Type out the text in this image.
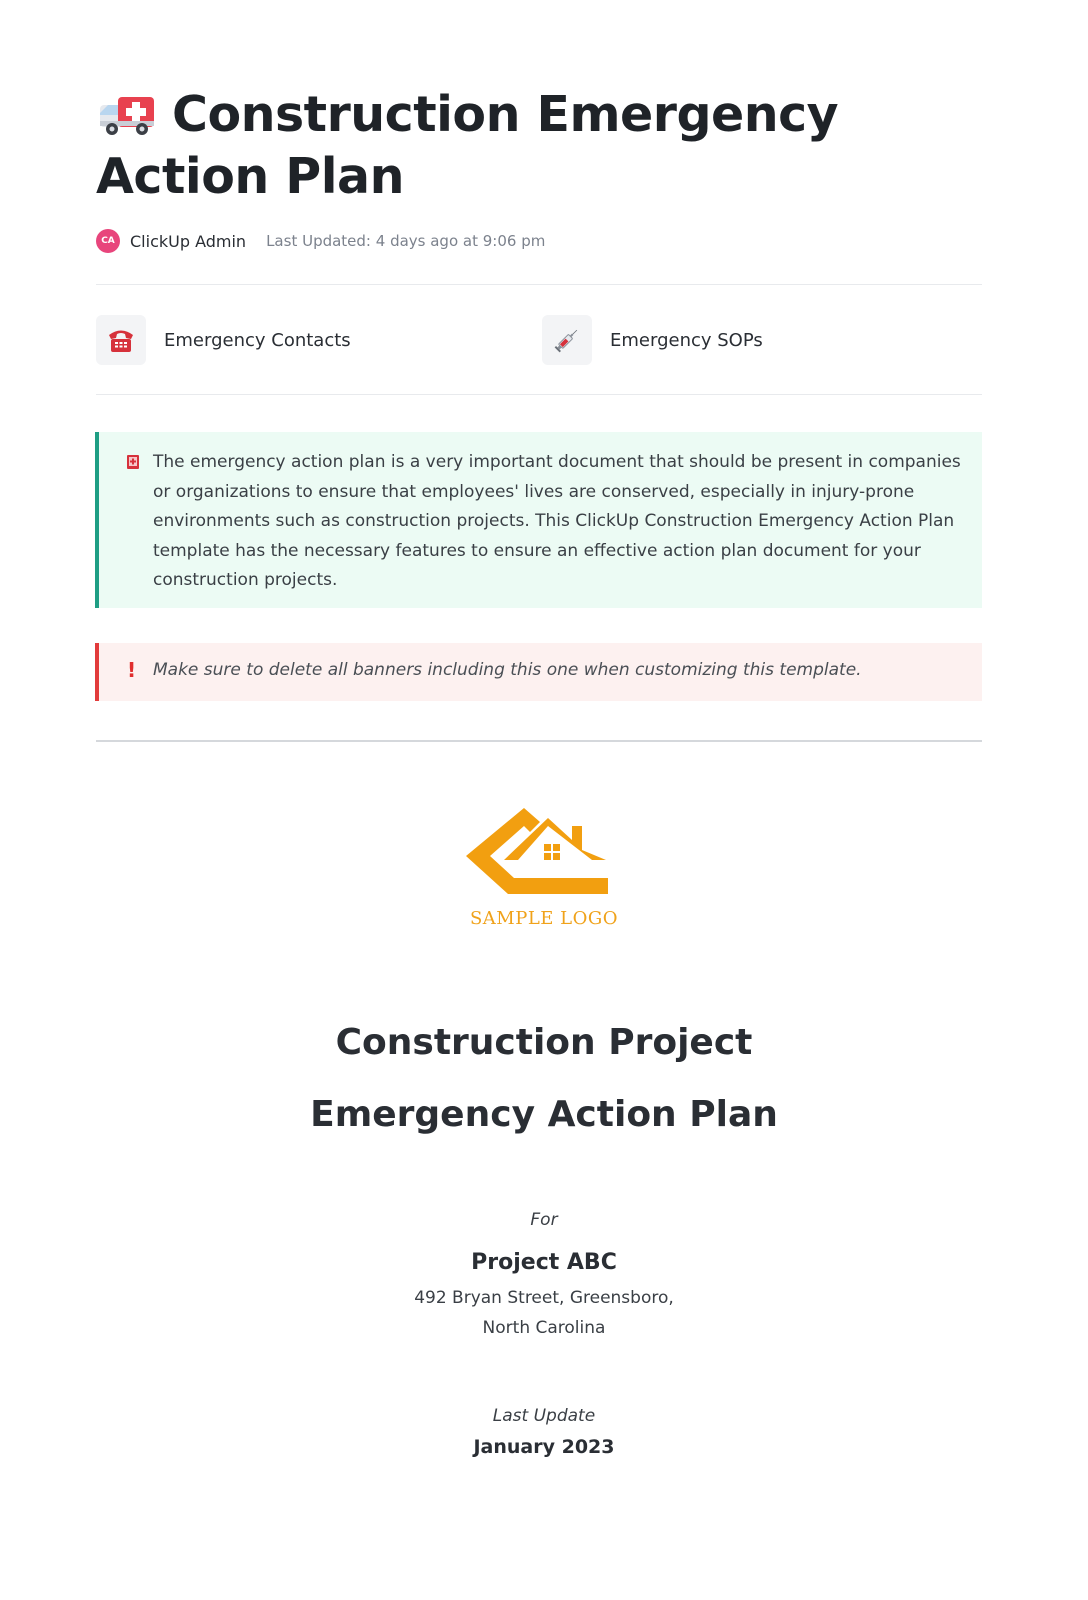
Construction Emergency Action Plan
CA ClickUp Admin Last Updated: 4 days ago at 9:06 pm
Emergency Contacts	Emergency SOPs
The emergency action plan is a very important document that should be present in companies or organizations to ensure that employees' lives are conserved, especially in injury-prone environments such as construction projects. This ClickUp Construction Emergency Action Plan template has the necessary features to ensure an effective action plan document for your construction projects.
! Make sure to delete all banners including this one when customizing this template.
SAMPLE LOGO
Construction Project
Emergency Action Plan
For
Project ABC
492 Bryan Street, Greensboro,
North Carolina
Last Update
January 2023
